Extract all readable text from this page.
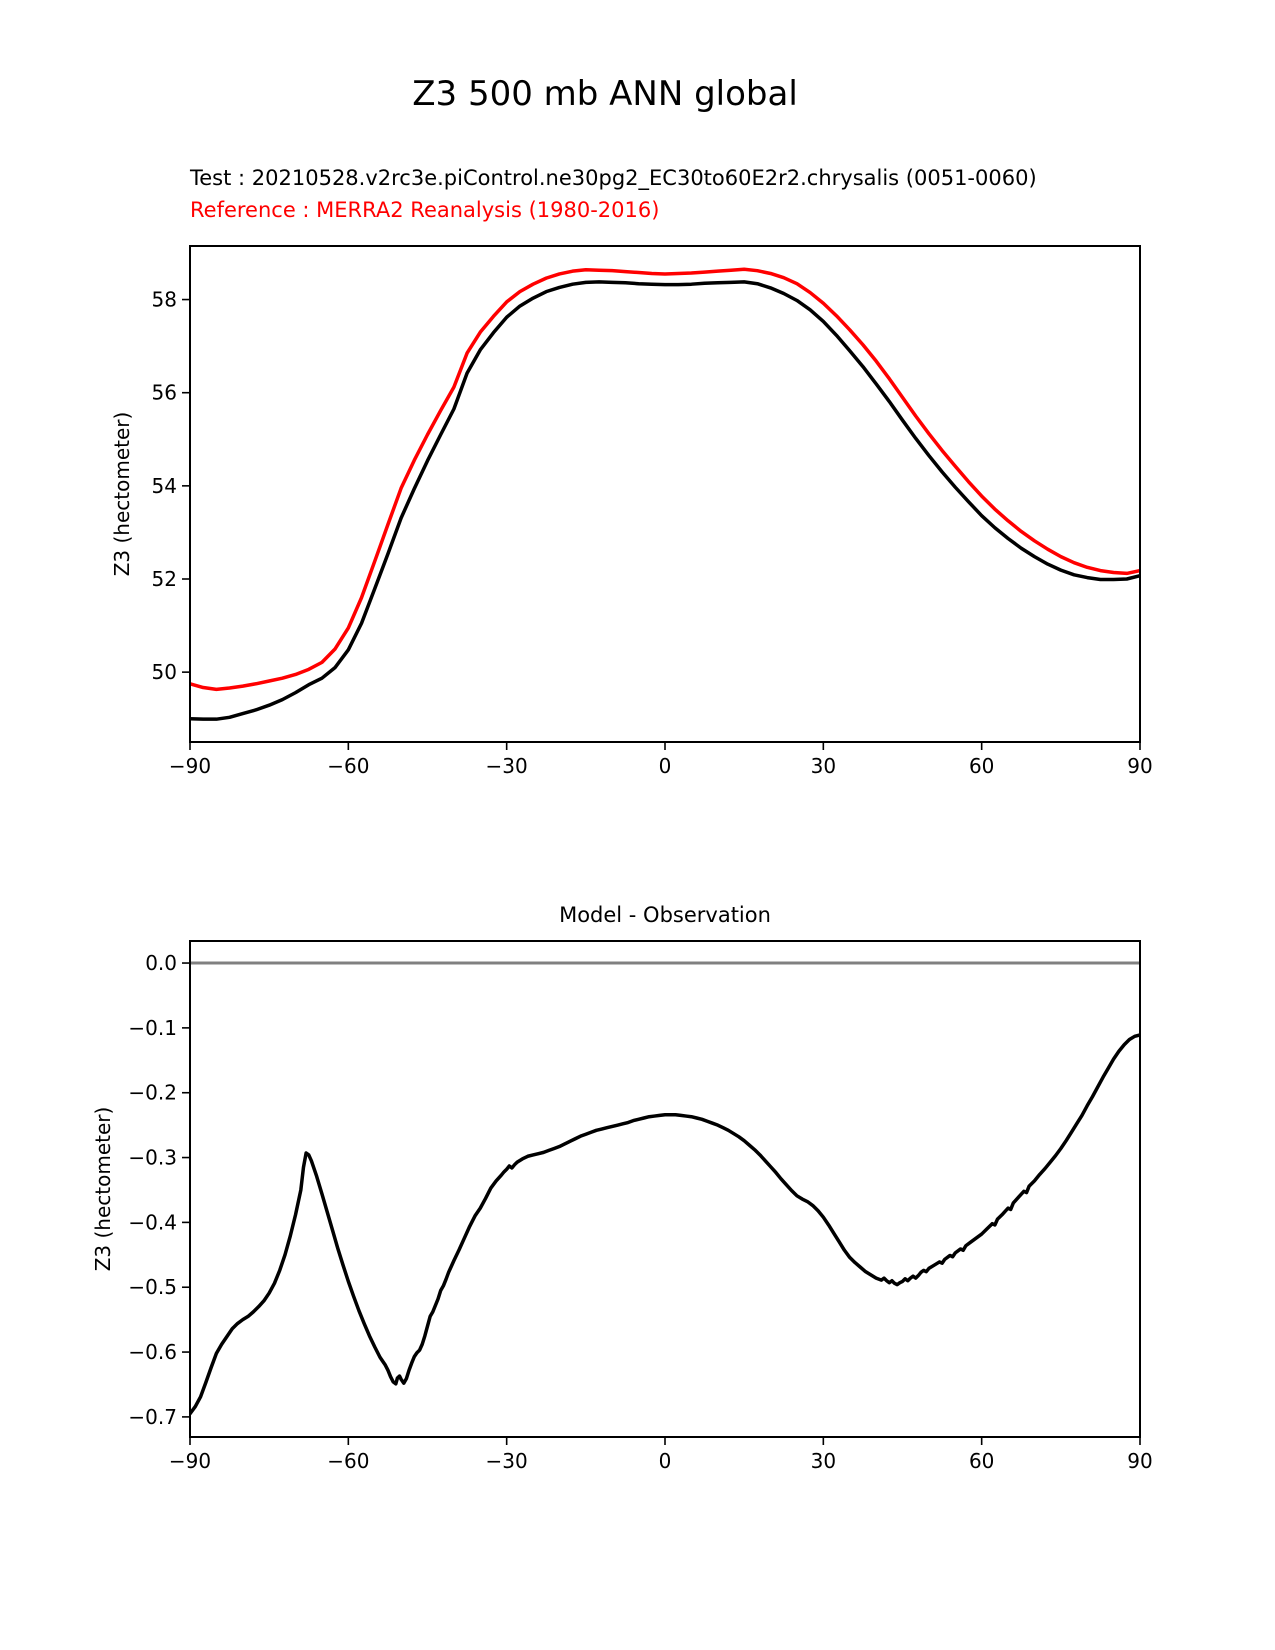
Z3 500 mb ANN global
Test : 20210528.v2rc3e.piControl.ne30pg2_EC30to60E2r2.chrysalis (0051-0060)
Reference : MERRA2 Reanalysis (1980-2016)
Z3 (hectometer)
−90	−60	−30	0	30	60	90
50
52
54
56
58
Model - Observation
Z3 (hectometer)
−90	−60	−30	0	30	60	90
0.0
−0.1
−0.2
−0.3
−0.4
−0.5
−0.6
−0.7
